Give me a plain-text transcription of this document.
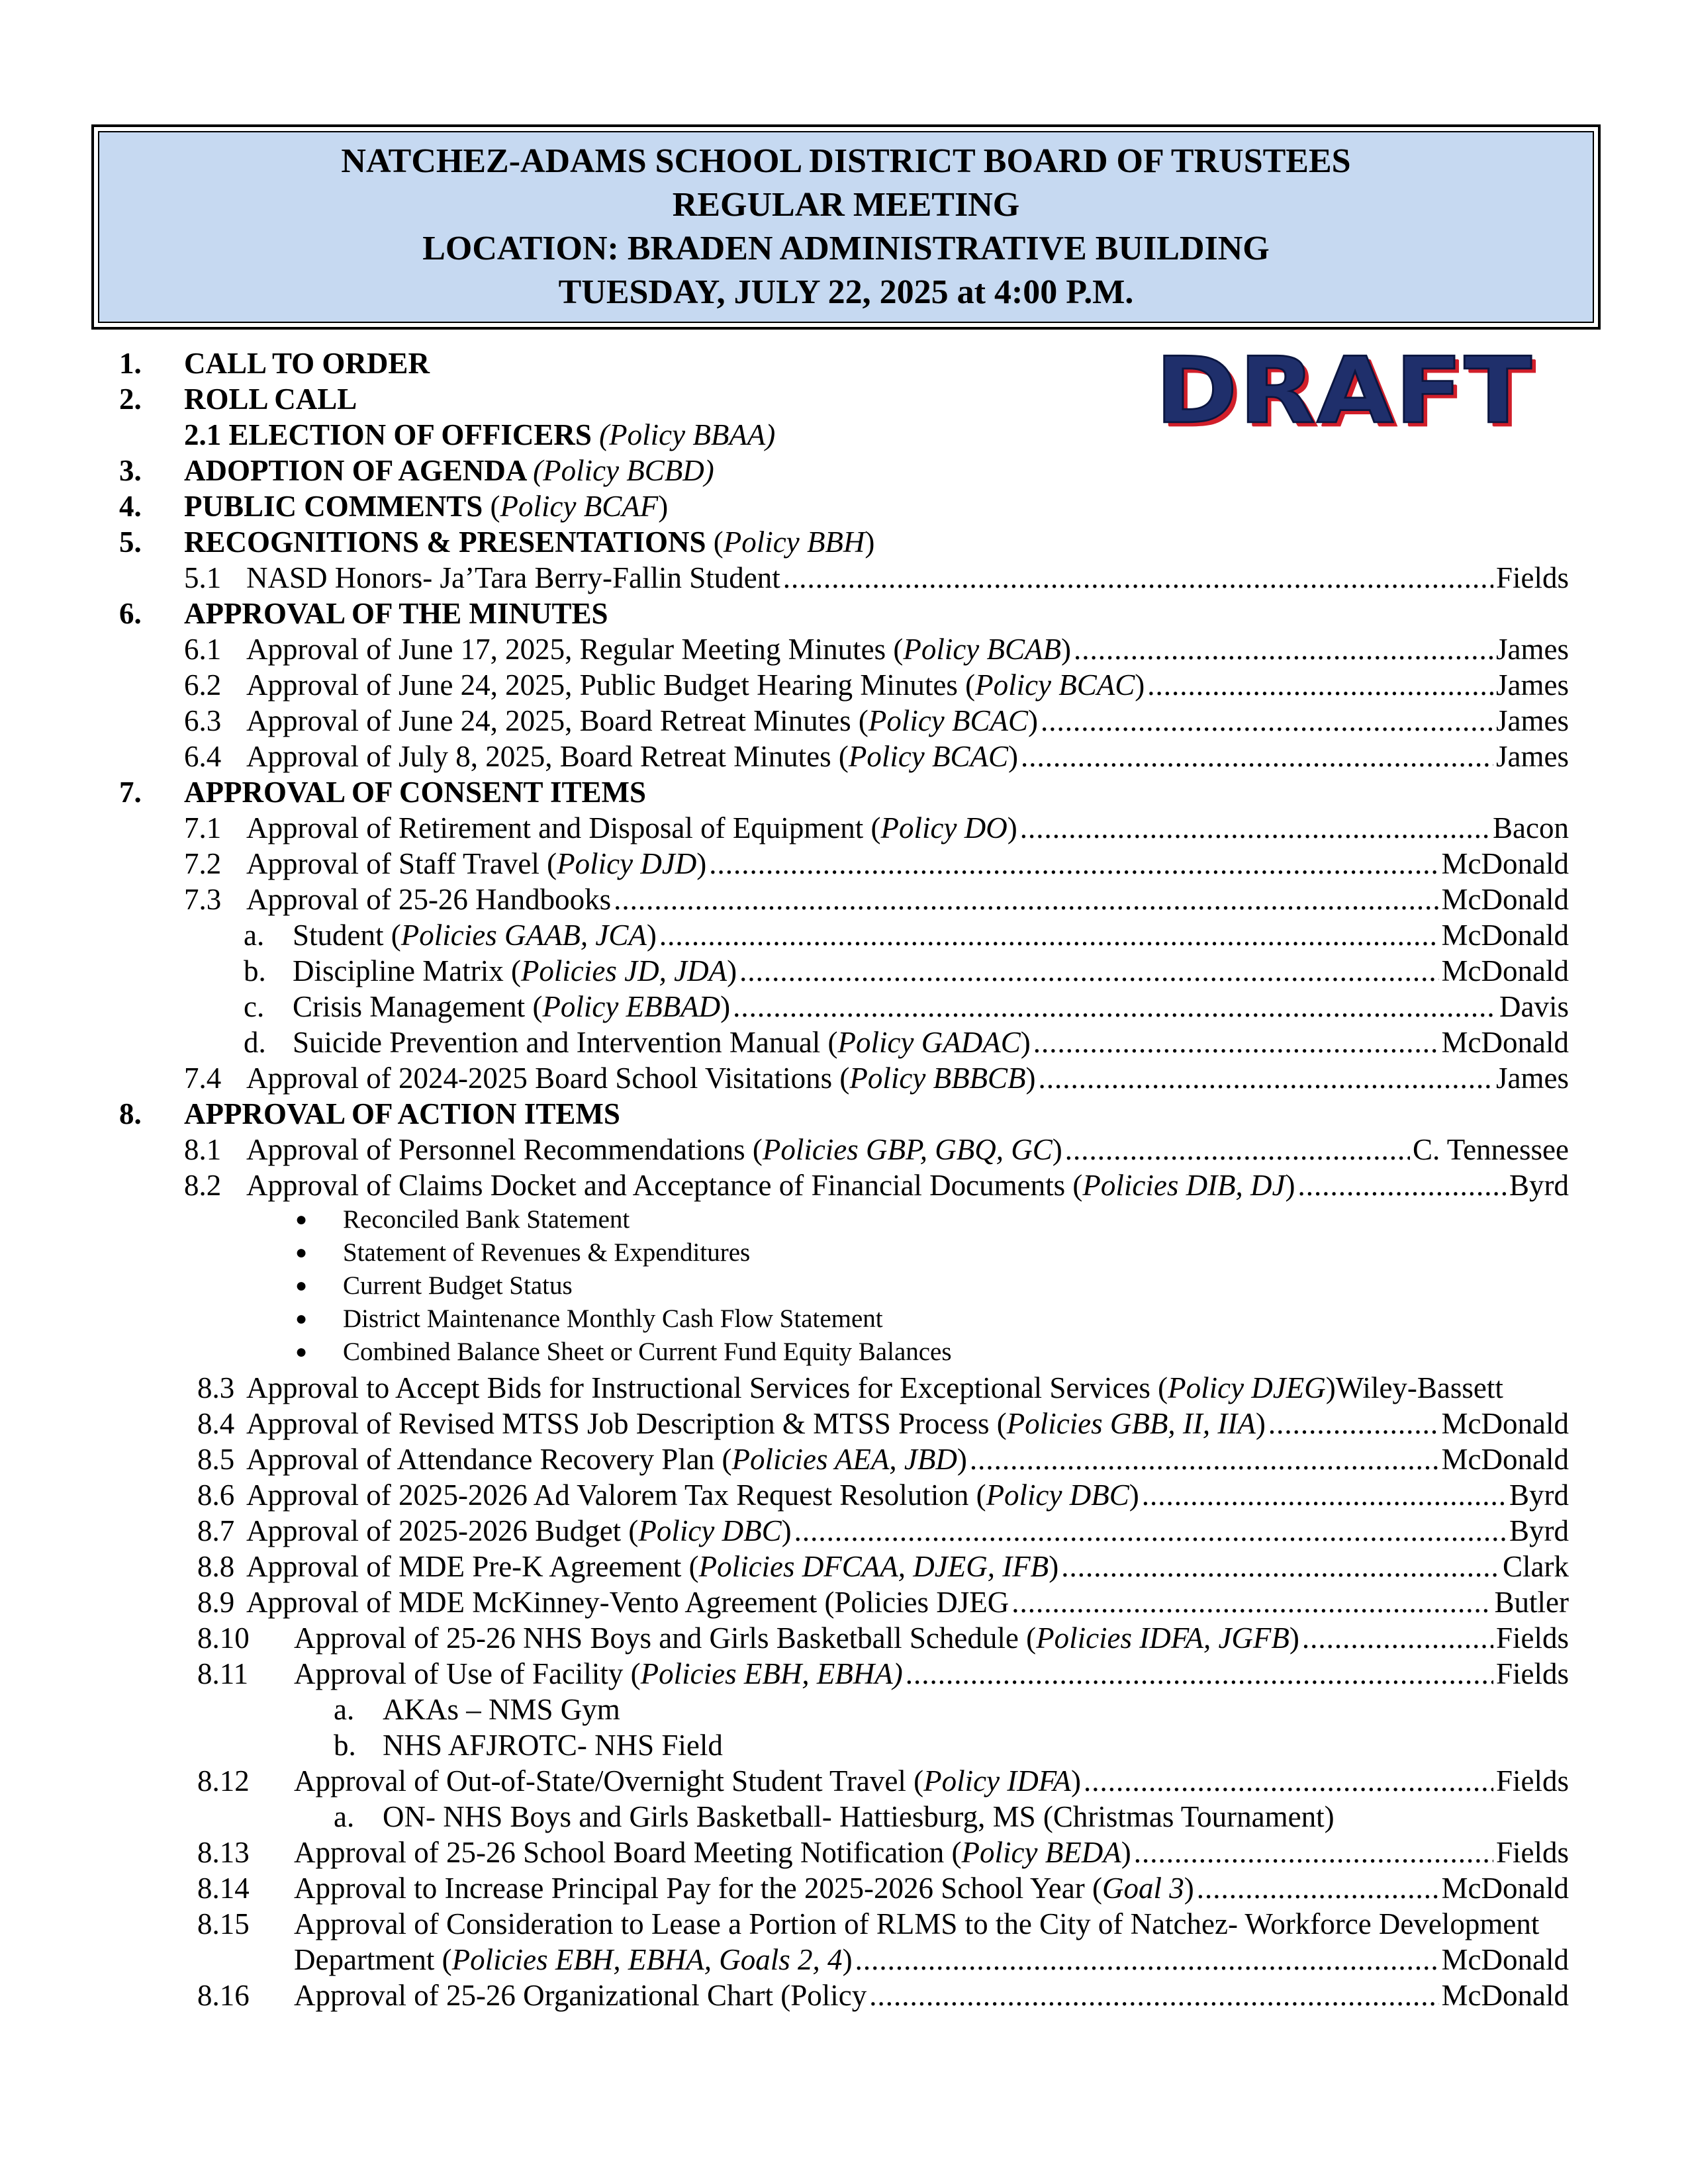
NATCHEZ-ADAMS SCHOOL DISTRICT BOARD OF TRUSTEES
REGULAR MEETING
LOCATION: BRADEN ADMINISTRATIVE BUILDING
TUESDAY, JULY 22, 2025 at 4:00 P.M.
DRAFT
1. CALL TO ORDER
2. ROLL CALL
2.1 ELECTION OF OFFICERS (Policy BBAA)
3. ADOPTION OF AGENDA (Policy BCBD)
4. PUBLIC COMMENTS (Policy BCAF)
5. RECOGNITIONS & PRESENTATIONS (Policy BBH)
5.1 NASD Honors- Ja’Tara Berry-Fallin Student .....	Fields
6. APPROVAL OF THE MINUTES
6.1 Approval of June 17, 2025, Regular Meeting Minutes (Policy BCAB) .....	James
6.2 Approval of June 24, 2025, Public Budget Hearing Minutes (Policy BCAC) .....	James
6.3 Approval of June 24, 2025, Board Retreat Minutes (Policy BCAC) .....	James
6.4 Approval of July 8, 2025, Board Retreat Minutes (Policy BCAC) .....	James
7. APPROVAL OF CONSENT ITEMS
7.1 Approval of Retirement and Disposal of Equipment (Policy DO) .....	Bacon
7.2 Approval of Staff Travel (Policy DJD) .....	McDonald
7.3 Approval of 25-26 Handbooks .....	McDonald
a. Student (Policies GAAB, JCA) .....	McDonald
b. Discipline Matrix (Policies JD, JDA) .....	McDonald
c. Crisis Management (Policy EBBAD) .....	Davis
d. Suicide Prevention and Intervention Manual (Policy GADAC) .....	McDonald
7.4 Approval of 2024-2025 Board School Visitations (Policy BBBCB) .....	James
8. APPROVAL OF ACTION ITEMS
8.1 Approval of Personnel Recommendations (Policies GBP, GBQ, GC) .....	C. Tennessee
8.2 Approval of Claims Docket and Acceptance of Financial Documents (Policies DIB, DJ) .....	Byrd
● Reconciled Bank Statement
● Statement of Revenues & Expenditures
● Current Budget Status
● District Maintenance Monthly Cash Flow Statement
● Combined Balance Sheet or Current Fund Equity Balances
8.3 Approval to Accept Bids for Instructional Services for Exceptional Services (Policy DJEG) Wiley-Bassett
8.4 Approval of Revised MTSS Job Description & MTSS Process (Policies GBB, II, IIA) .....	McDonald
8.5 Approval of Attendance Recovery Plan (Policies AEA, JBD) .....	McDonald
8.6 Approval of 2025-2026 Ad Valorem Tax Request Resolution (Policy DBC) .....	Byrd
8.7 Approval of 2025-2026 Budget (Policy DBC) .....	Byrd
8.8 Approval of MDE Pre-K Agreement (Policies DFCAA, DJEG, IFB) .....	Clark
8.9 Approval of MDE McKinney-Vento Agreement (Policies DJEG .....	Butler
8.10	Approval of 25-26 NHS Boys and Girls Basketball Schedule (Policies IDFA, JGFB) .....	Fields
8.11	Approval of Use of Facility (Policies EBH, EBHA) .....	Fields
a. AKAs – NMS Gym
b. NHS AFJROTC- NHS Field
8.12	Approval of Out-of-State/Overnight Student Travel (Policy IDFA) .....	Fields
a. ON- NHS Boys and Girls Basketball- Hattiesburg, MS (Christmas Tournament)
8.13	Approval of 25-26 School Board Meeting Notification (Policy BEDA) .....	Fields
8.14	Approval to Increase Principal Pay for the 2025-2026 School Year (Goal 3) .....	McDonald
8.15 Approval of Consideration to Lease a Portion of RLMS to the City of Natchez- Workforce Development
Department (Policies EBH, EBHA, Goals 2, 4) .....	McDonald
8.16	Approval of 25-26 Organizational Chart (Policy .....	McDonald
